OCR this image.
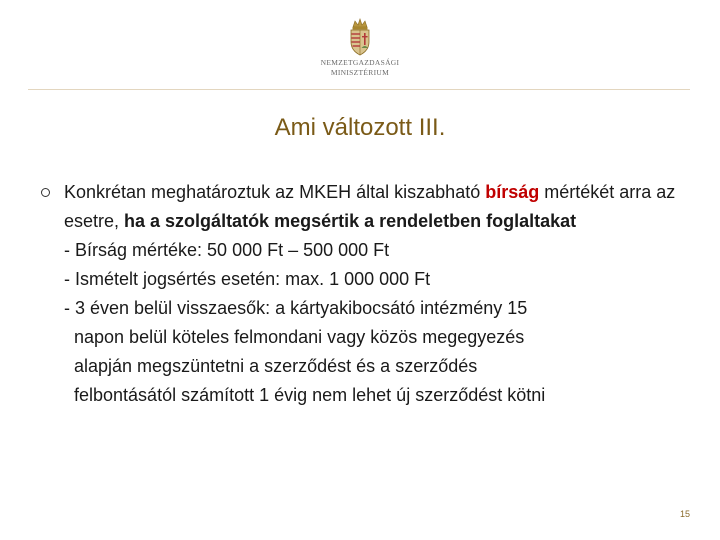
NEMZETGAZDASÁGI
MINISZTÉRIUM
Ami változott III.
Konkrétan meghatároztuk az MKEH által kiszabható bírság mértékét arra az esetre, ha a szolgáltatók megsértik a rendeletben foglaltakat
- Bírság mértéke: 50 000 Ft – 500 000 Ft
- Ismételt jogsértés esetén: max. 1 000 000 Ft
- 3 éven belül visszaesők: a kártyakibocsátó intézmény 15
napon belül köteles felmondani vagy közös megegyezés
alapján megszüntetni a szerződést és a szerződés
felbontásától számított 1 évig nem lehet új szerződést kötni
15
